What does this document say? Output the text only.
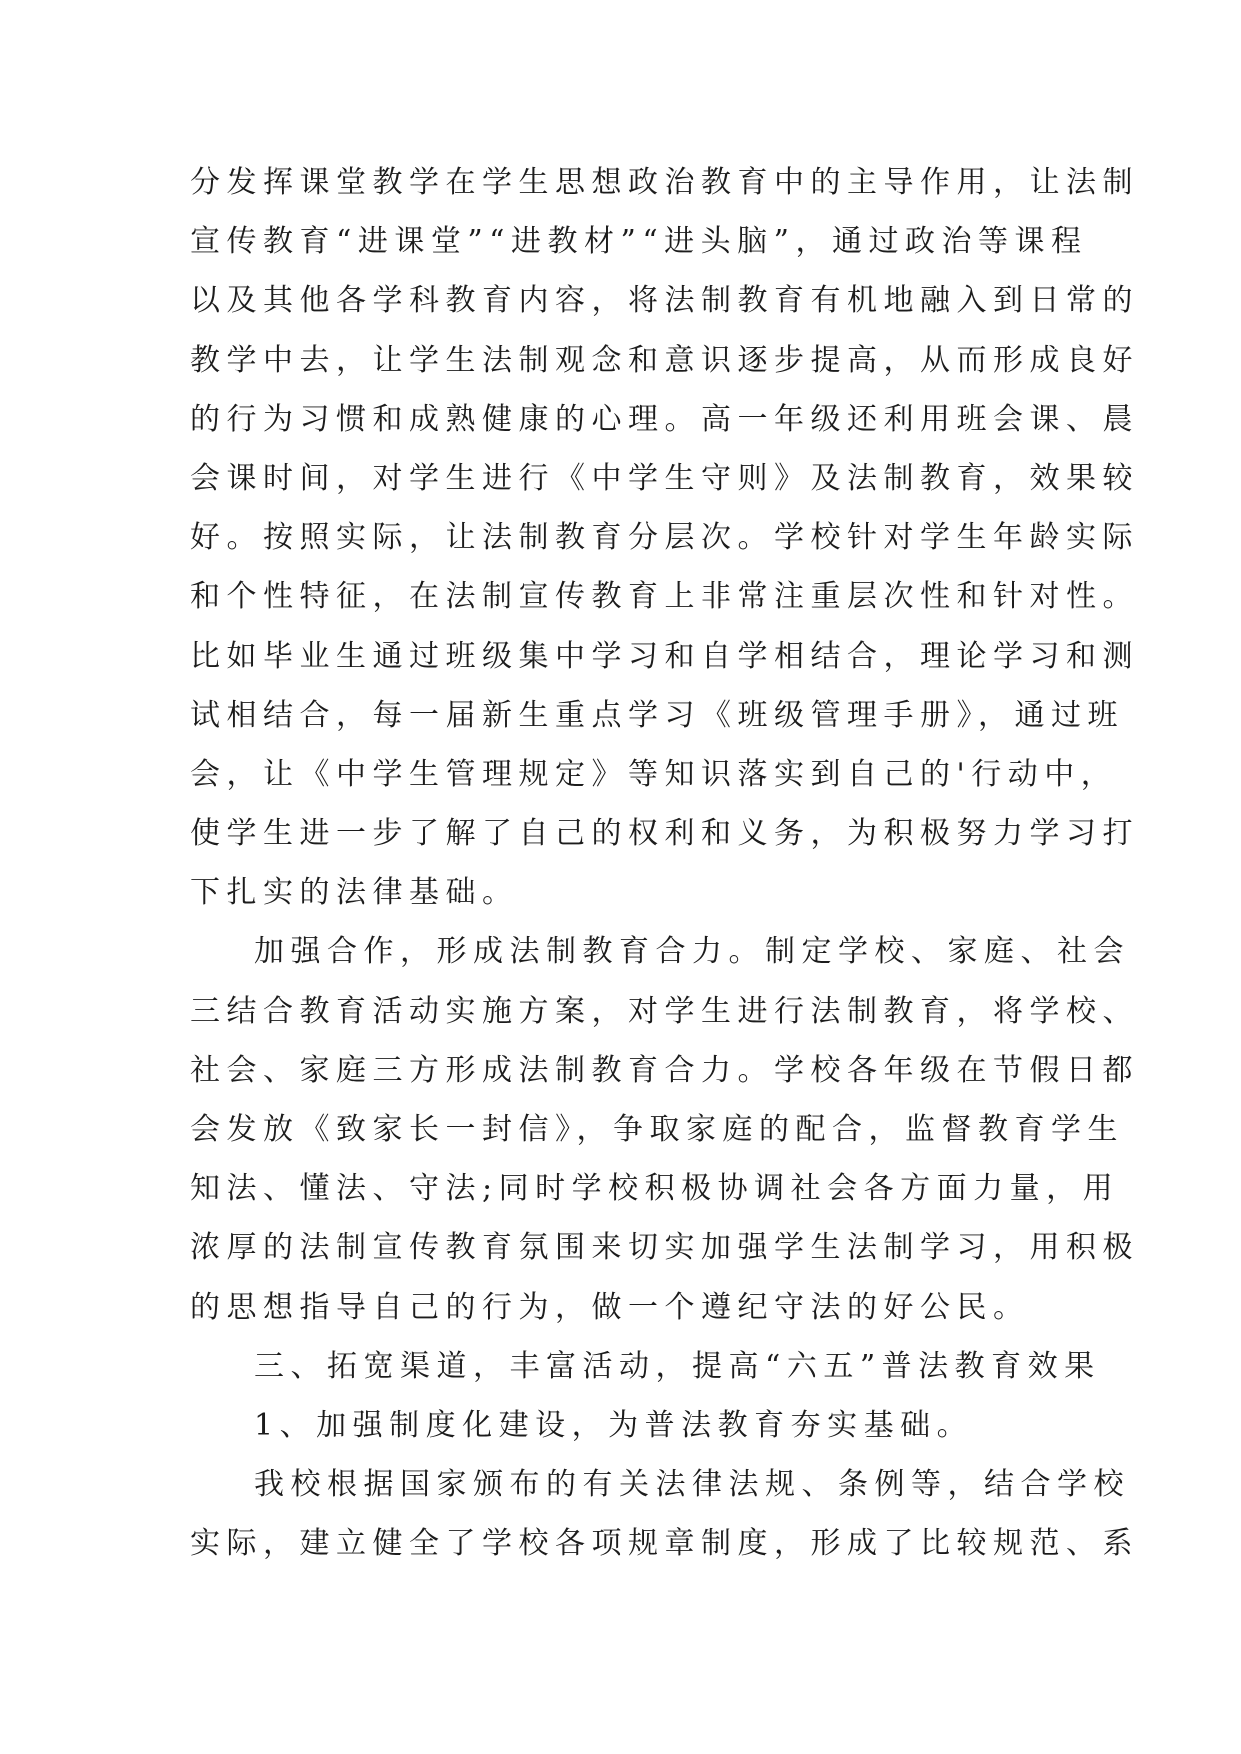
分发挥课堂教学在学生思想政治教育中的主导作用，让法制
宣传教育“进课堂”“进教材”“进头脑”，通过政治等课程
以及其他各学科教育内容，将法制教育有机地融入到日常的
教学中去，让学生法制观念和意识逐步提高，从而形成良好
的行为习惯和成熟健康的心理。高一年级还利用班会课、晨
会课时间，对学生进行《中学生守则》及法制教育，效果较
好。按照实际，让法制教育分层次。学校针对学生年龄实际
和个性特征，在法制宣传教育上非常注重层次性和针对性。
比如毕业生通过班级集中学习和自学相结合，理论学习和测
试相结合，每一届新生重点学习《班级管理手册》，通过班
会，让《中学生管理规定》等知识落实到自己的'行动中，
使学生进一步了解了自己的权利和义务，为积极努力学习打
下扎实的法律基础。
加强合作，形成法制教育合力。制定学校、家庭、社会
三结合教育活动实施方案，对学生进行法制教育，将学校、
社会、家庭三方形成法制教育合力。学校各年级在节假日都
会发放《致家长一封信》，争取家庭的配合，监督教育学生
知法、懂法、守法;同时学校积极协调社会各方面力量，用
浓厚的法制宣传教育氛围来切实加强学生法制学习，用积极
的思想指导自己的行为，做一个遵纪守法的好公民。
三、拓宽渠道，丰富活动，提高“六五”普法教育效果
1、加强制度化建设，为普法教育夯实基础。
我校根据国家颁布的有关法律法规、条例等，结合学校
实际，建立健全了学校各项规章制度，形成了比较规范、系
